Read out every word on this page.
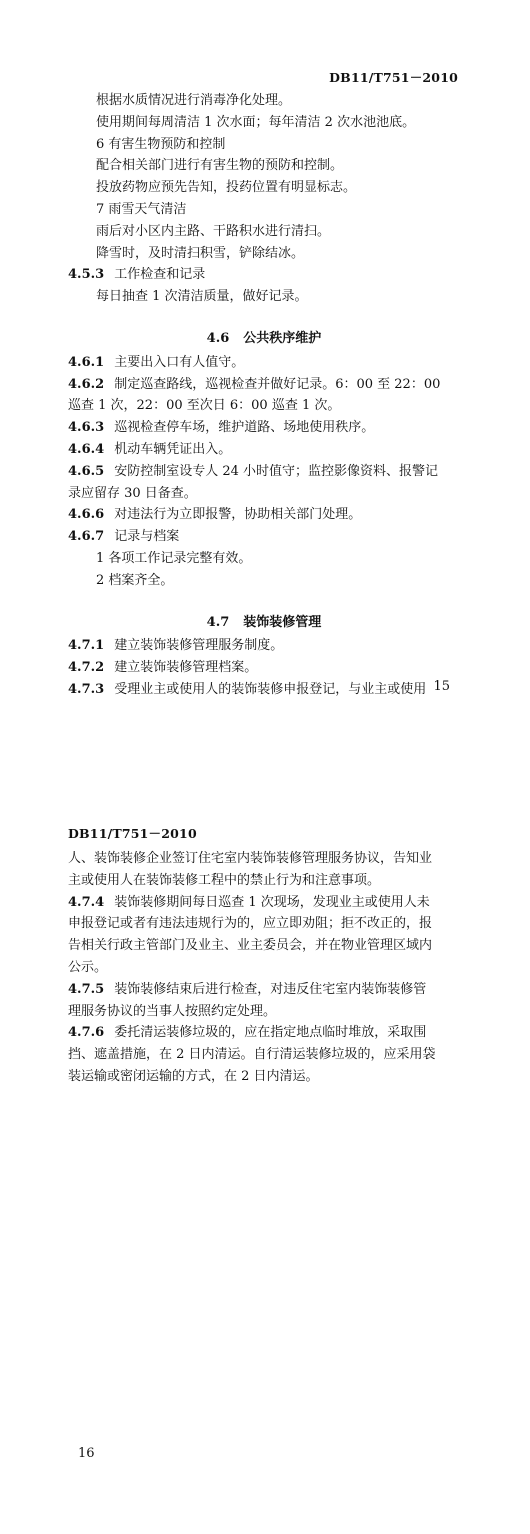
DB11/T751－2010

根据水质情况进行消毒净化处理。

使用期间每周清洁 1 次水面；每年清洁 2 次水池池底。

6 有害生物预防和控制

配合相关部门进行有害生物的预防和控制。

投放药物应预先告知，投药位置有明显标志。

7 雨雪天气清洁

雨后对小区内主路、干路积水进行清扫。

降雪时，及时清扫积雪，铲除结冰。

4.5.3 工作检查和记录

每日抽查 1 次清洁质量，做好记录。

4.6 公共秩序维护

4.6.1 主要出入口有人值守。

4.6.2 制定巡查路线，巡视检查并做好记录。6：00 至 22：00

巡查 1 次，22：00 至次日 6：00 巡查 1 次。

4.6.3 巡视检查停车场，维护道路、场地使用秩序。

4.6.4 机动车辆凭证出入。

4.6.5 安防控制室设专人 24 小时值守；监控影像资料、报警记

录应留存 30 日备查。

4.6.6 对违法行为立即报警，协助相关部门处理。

4.6.7 记录与档案

1 各项工作记录完整有效。

2 档案齐全。

4.7 装饰装修管理

4.7.1 建立装饰装修管理服务制度。

4.7.2 建立装饰装修管理档案。

4.7.3 受理业主或使用人的装饰装修申报登记，与业主或使用 15
DB11/T751－2010

人、装饰装修企业签订住宅室内装饰装修管理服务协议，告知业

主或使用人在装饰装修工程中的禁止行为和注意事项。

4.7.4 装饰装修期间每日巡查 1 次现场，发现业主或使用人未

申报登记或者有违法违规行为的，应立即劝阻；拒不改正的，报

告相关行政主管部门及业主、业主委员会，并在物业管理区域内

公示。

4.7.5 装饰装修结束后进行检查，对违反住宅室内装饰装修管

理服务协议的当事人按照约定处理。

4.7.6 委托清运装修垃圾的，应在指定地点临时堆放，采取围

挡、遮盖措施，在 2 日内清运。自行清运装修垃圾的，应采用袋

装运输或密闭运输的方式，在 2 日内清运。

16
